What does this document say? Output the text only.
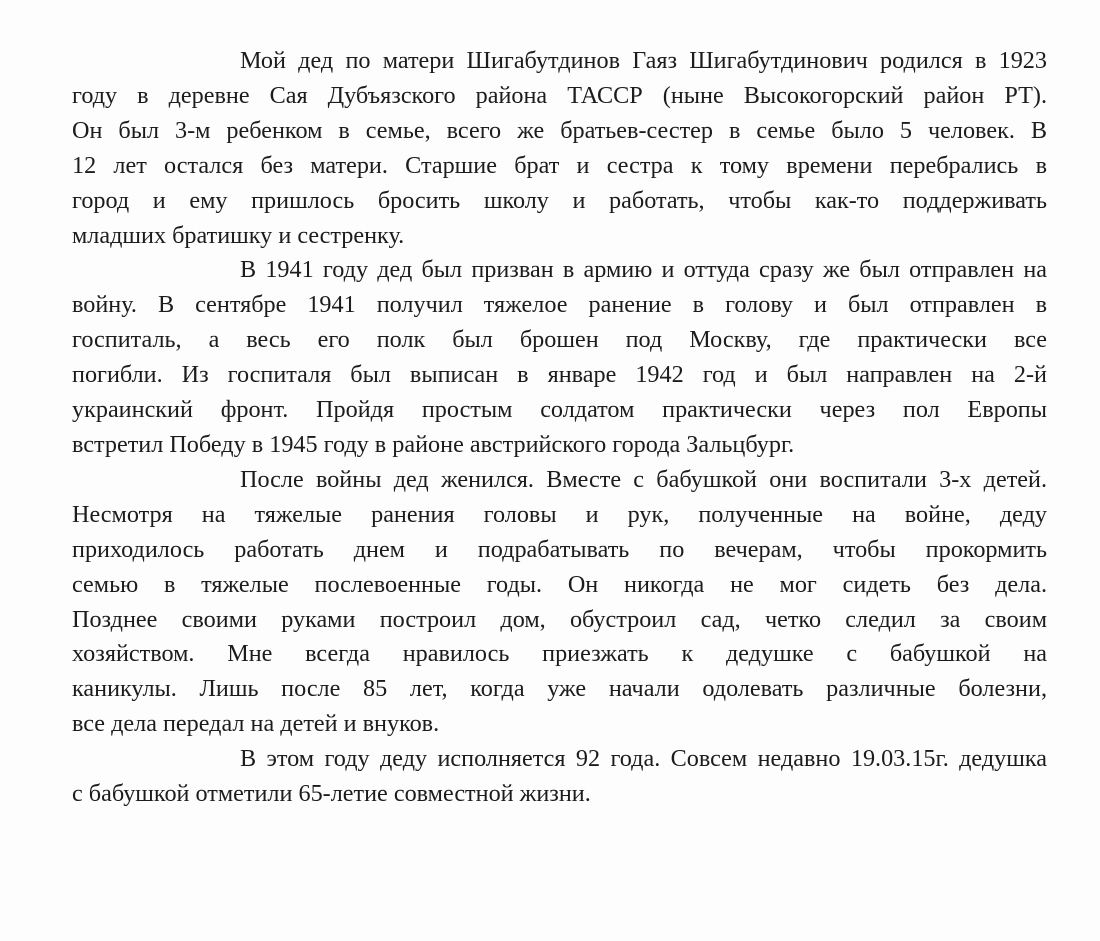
Мой дед по матери Шигабутдинов Гаяз Шигабутдинович родился в 1923
году в деревне Сая Дубъязского района ТАССР (ныне Высокогорский район РТ).
Он был 3-м ребенком в семье, всего же братьев-сестер в семье было 5 человек. В
12 лет остался без матери. Старшие брат и сестра к тому времени перебрались в
город и ему пришлось бросить школу и работать, чтобы как-то поддерживать
младших братишку и сестренку.
В 1941 году дед был призван в армию и оттуда сразу же был отправлен на
войну. В сентябре 1941 получил тяжелое ранение в голову и был отправлен в
госпиталь, а весь его полк был брошен под Москву, где практически все
погибли. Из госпиталя был выписан в январе 1942 год и был направлен на 2-й
украинский фронт. Пройдя простым солдатом практически через пол Европы
встретил Победу в 1945 году в районе австрийского города Зальцбург.
После войны дед женился. Вместе с бабушкой они воспитали 3-х детей.
Несмотря на тяжелые ранения головы и рук, полученные на войне, деду
приходилось работать днем и подрабатывать по вечерам, чтобы прокормить
семью в тяжелые послевоенные годы. Он никогда не мог сидеть без дела.
Позднее своими руками построил дом, обустроил сад, четко следил за своим
хозяйством. Мне всегда нравилось приезжать к дедушке с бабушкой на
каникулы. Лишь после 85 лет, когда уже начали одолевать различные болезни,
все дела передал на детей и внуков.
В этом году деду исполняется 92 года. Совсем недавно 19.03.15г. дедушка
с бабушкой отметили 65-летие совместной жизни.
